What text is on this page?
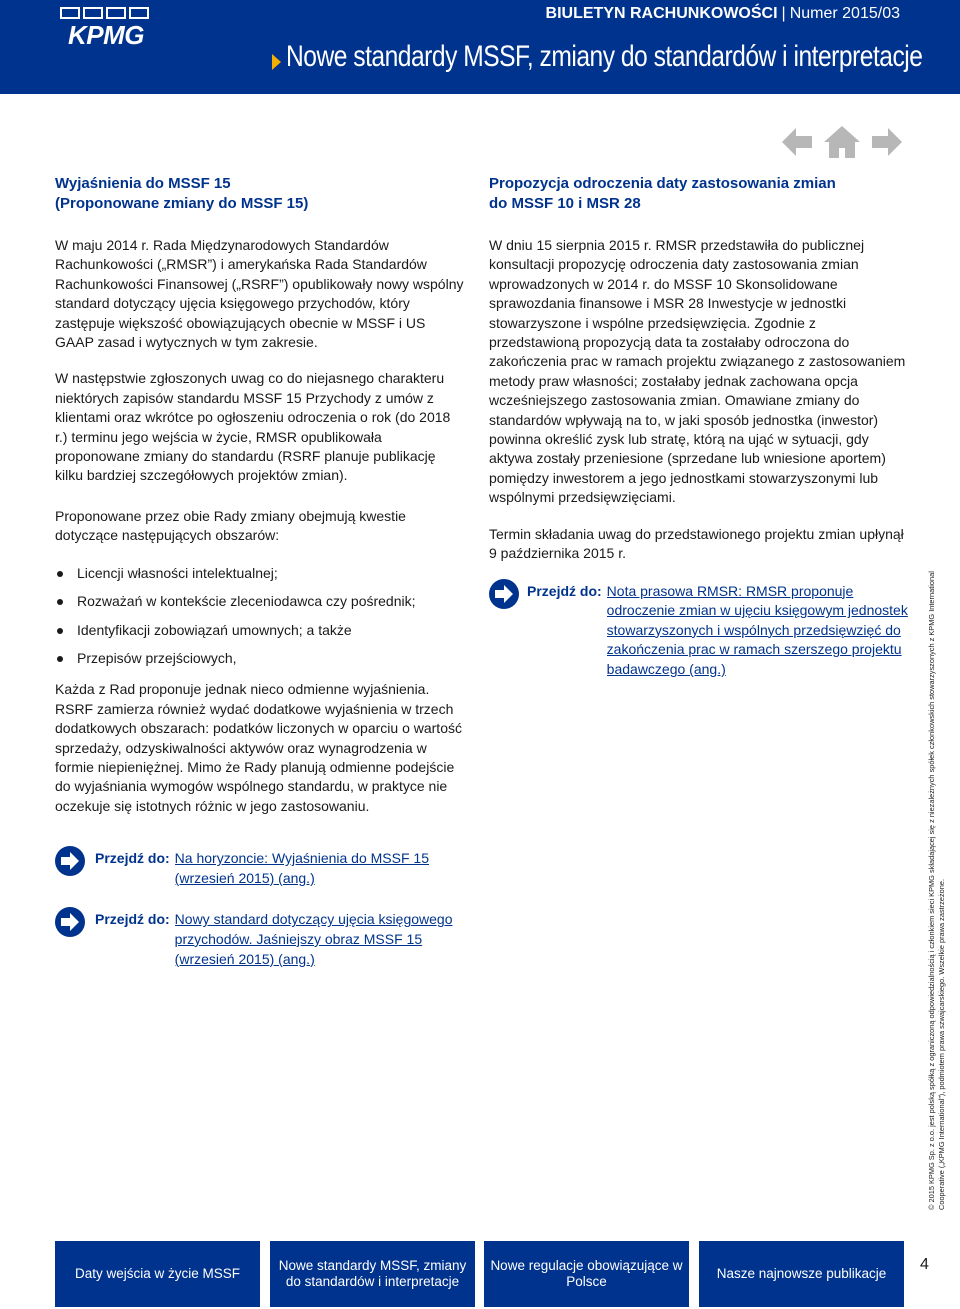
KPMG
BIULETYN RACHUNKOWOŚCI | Numer 2015/03
Nowe standardy MSSF, zmiany do standardów i interpretacje
Wyjaśnienia do MSSF 15
(Proponowane zmiany do MSSF 15)

W maju 2014 r. Rada Międzynarodowych Standardów Rachunkowości („RMSR”) i amerykańska Rada Standardów Rachunkowości Finansowej („RSRF”) opublikowały nowy wspólny standard dotyczący ujęcia księgowego przychodów, który zastępuje większość obowiązujących obecnie w MSSF i US GAAP zasad i wytycznych w tym zakresie.

W następstwie zgłoszonych uwag co do niejasnego charakteru niektórych zapisów standardu MSSF 15 Przychody z umów z klientami oraz wkrótce po ogłoszeniu odroczenia o rok (do 2018 r.) terminu jego wejścia w życie, RMSR opublikowała proponowane zmiany do standardu (RSRF planuje publikację kilku bardziej szczegółowych projektów zmian).

Proponowane przez obie Rady zmiany obejmują kwestie dotyczące następujących obszarów:

Licencji własności intelektualnej;
Rozważań w kontekście zleceniodawca czy pośrednik;
Identyfikacji zobowiązań umownych; a także
Przepisów przejściowych,

Każda z Rad proponuje jednak nieco odmienne wyjaśnienia. RSRF zamierza również wydać dodatkowe wyjaśnienia w trzech dodatkowych obszarach: podatków liczonych w oparciu o wartość sprzedaży, odzyskiwalności aktywów oraz wynagrodzenia w formie niepieniężnej. Mimo że Rady planują odmienne podejście do wyjaśniania wymogów wspólnego standardu, w praktyce nie oczekuje się istotnych różnic w jego zastosowaniu.

Przejdź do: Na horyzoncie: Wyjaśnienia do MSSF 15 (wrzesień 2015) (ang.)
Przejdź do: Nowy standard dotyczący ujęcia księgowego przychodów. Jaśniejszy obraz MSSF 15 (wrzesień 2015) (ang.)
Propozycja odroczenia daty zastosowania zmian
do MSSF 10 i MSR 28

W dniu 15 sierpnia 2015 r. RMSR przedstawiła do publicznej konsultacji propozycję odroczenia daty zastosowania zmian wprowadzonych w 2014 r. do MSSF 10 Skonsolidowane sprawozdania finansowe i MSR 28 Inwestycje w jednostki stowarzyszone i wspólne przedsięwzięcia. Zgodnie z przedstawioną propozycją data ta zostałaby odroczona do zakończenia prac w ramach projektu związanego z zastosowaniem metody praw własności; zostałaby jednak zachowana opcja wcześniejszego zastosowania zmian. Omawiane zmiany do standardów wpływają na to, w jaki sposób jednostka (inwestor) powinna określić zysk lub stratę, którą na ująć w sytuacji, gdy aktywa zostały przeniesione (sprzedane lub wniesione aportem) pomiędzy inwestorem a jego jednostkami stowarzyszonymi lub wspólnymi przedsięwzięciami.

Termin składania uwag do przedstawionego projektu zmian upłynął 9 października 2015 r.

Przejdź do: Nota prasowa RMSR: RMSR proponuje odroczenie zmian w ujęciu księgowym jednostek stowarzyszonych i wspólnych przedsięwzięć do zakończenia prac w ramach szerszego projektu badawczego (ang.)	© 2015 KPMG Sp. z o.o. jest polską spółką z ograniczoną odpowiedzialnością i członkiem sieci KPMG składającej się z niezależnych spółek członkowskich stowarzyszonych z KPMG International Cooperative („KPMG International”), podmiotem prawa szwajcarskiego. Wszelkie prawa zastrzeżone.
Daty wejścia w życie MSSF
Nowe standardy MSSF, zmiany do standardów i interpretacje
Nowe regulacje obowiązujące w Polsce
Nasze najnowsze publikacje
4
